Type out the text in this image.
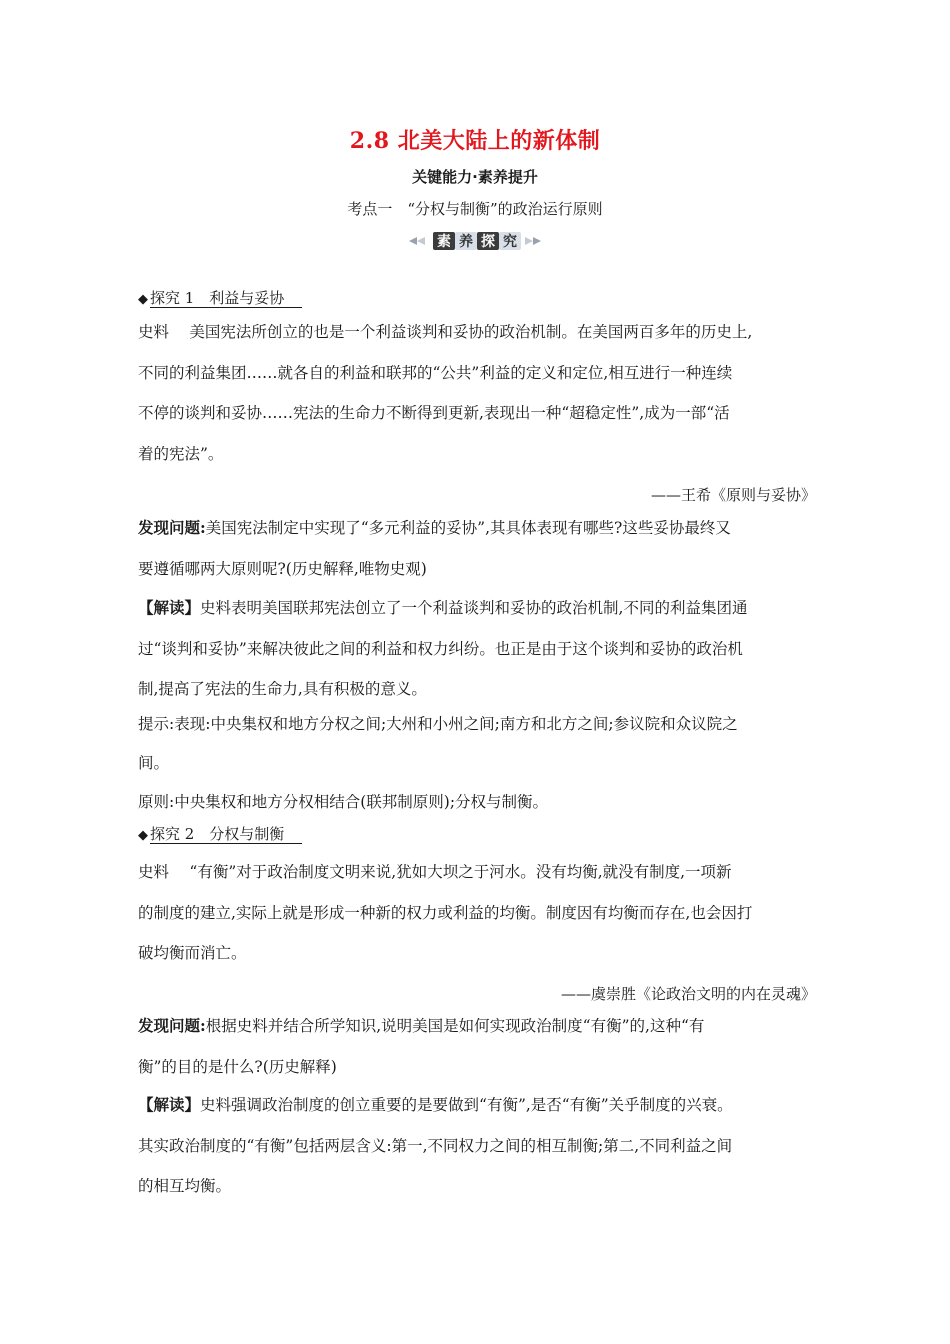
2.8 北美大陆上的新体制
关键能力·素养提升
考点一　“分权与制衡”的政治运行原则
素 养 探 究
◆ 探究 1　利益与妥协
史料　 美国宪法所创立的也是一个利益谈判和妥协的政治机制。在美国两百多年的历史上,
不同的利益集团……就各自的利益和联邦的“公共”利益的定义和定位,相互进行一种连续
不停的谈判和妥协……宪法的生命力不断得到更新,表现出一种“超稳定性”,成为一部“活
着的宪法”。
——王希《原则与妥协》
发现问题:美国宪法制定中实现了“多元利益的妥协”,其具体表现有哪些?这些妥协最终又
要遵循哪两大原则呢?(历史解释,唯物史观)
【解读】史料表明美国联邦宪法创立了一个利益谈判和妥协的政治机制,不同的利益集团通
过“谈判和妥协”来解决彼此之间的利益和权力纠纷。也正是由于这个谈判和妥协的政治机
制,提高了宪法的生命力,具有积极的意义。
提示:表现:中央集权和地方分权之间;大州和小州之间;南方和北方之间;参议院和众议院之
间。
原则:中央集权和地方分权相结合(联邦制原则);分权与制衡。
◆ 探究 2　分权与制衡
史料　 “有衡”对于政治制度文明来说,犹如大坝之于河水。没有均衡,就没有制度,一项新
的制度的建立,实际上就是形成一种新的权力或利益的均衡。制度因有均衡而存在,也会因打
破均衡而消亡。
——虞崇胜《论政治文明的内在灵魂》
发现问题:根据史料并结合所学知识,说明美国是如何实现政治制度“有衡”的,这种“有
衡”的目的是什么?(历史解释)
【解读】史料强调政治制度的创立重要的是要做到“有衡”,是否“有衡”关乎制度的兴衰。
其实政治制度的“有衡”包括两层含义:第一,不同权力之间的相互制衡;第二,不同利益之间
的相互均衡。
